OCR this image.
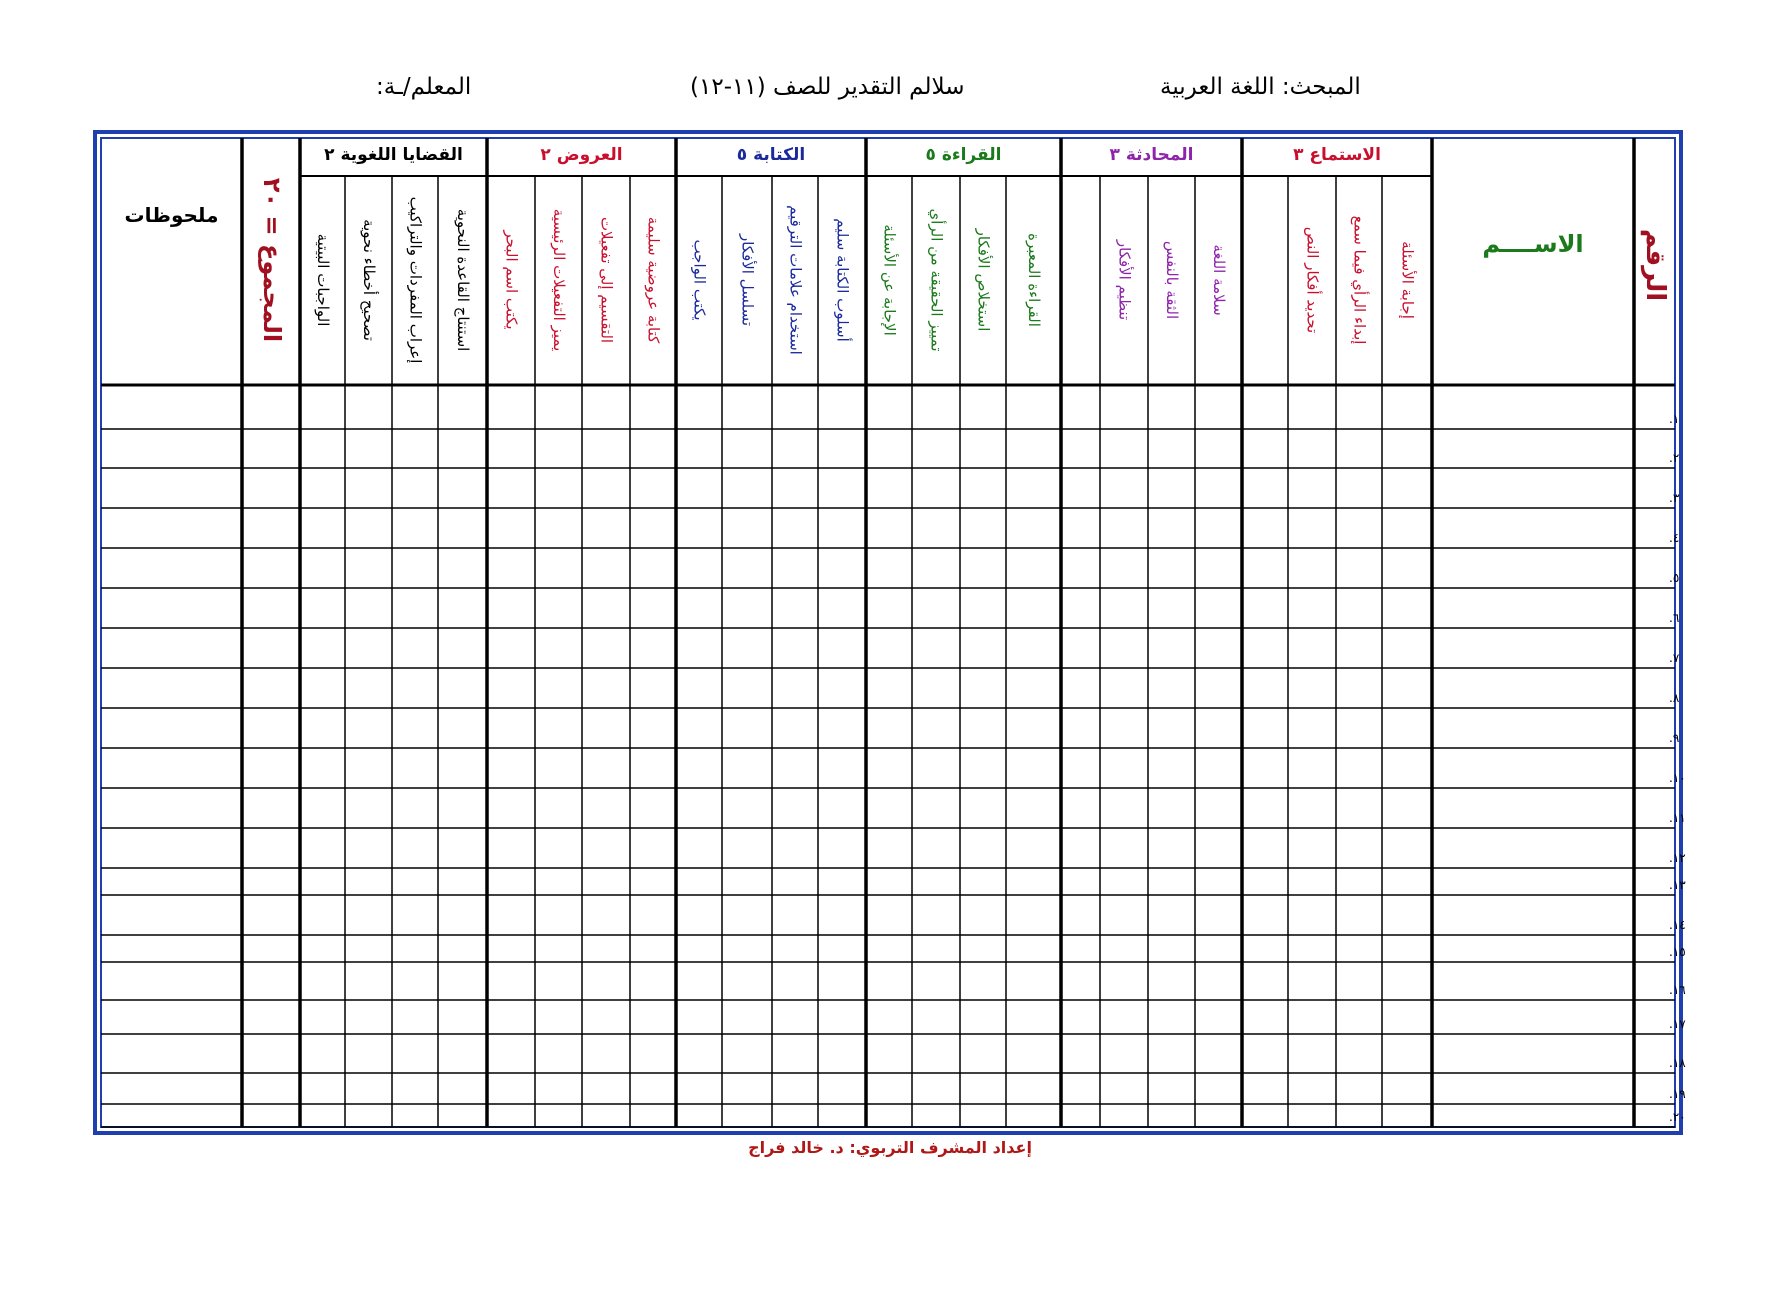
المبحث: اللغة العربية
سلالم التقدير للصف (١١-١٢)
المعلم/ـة:
ملحوظات
المجموع = ٢٠	الاســــم الرقم
القضايا اللغوية ٢
استنتاج القاعدة النحوية
إعراب المفردات والتراكيب
تصحيح أخطاء نحوية
الواجبات البيتية
العروض ٢
كتابة عروضية سليمة
التقسيم إلى تفعيلات
يميز التفعيلات الرئيسية
يكتب اسم البحر
الكتابة ٥
أسلوب الكتابة سليم
استخدام علامات الترقيم
تسلسل الأفكار
يكتب الواجب
القراءة ٥
القراءة المعبرة
استخلاص الأفكار
تمييز الحقيقة من الرأي
الإجابة عن الأسئلة
المحادثة ٣
سلامة اللغة
الثقة بالنفس
تنظيم الأفكار
الاستماع ٣
إجابة الأسئلة
إبداء الرأي فيما سمع
تحديد أفكار النص
١.
٢.
٣.
٤.
٥.
٦.
٧.
٨.
٩.
١٠.
١١.
١٢.
١٣.
١٤.
١٥.
١٦.
١٧.
١٨.
١٩.
٢٠.
إعداد المشرف التربوي: د. خالد فراج
